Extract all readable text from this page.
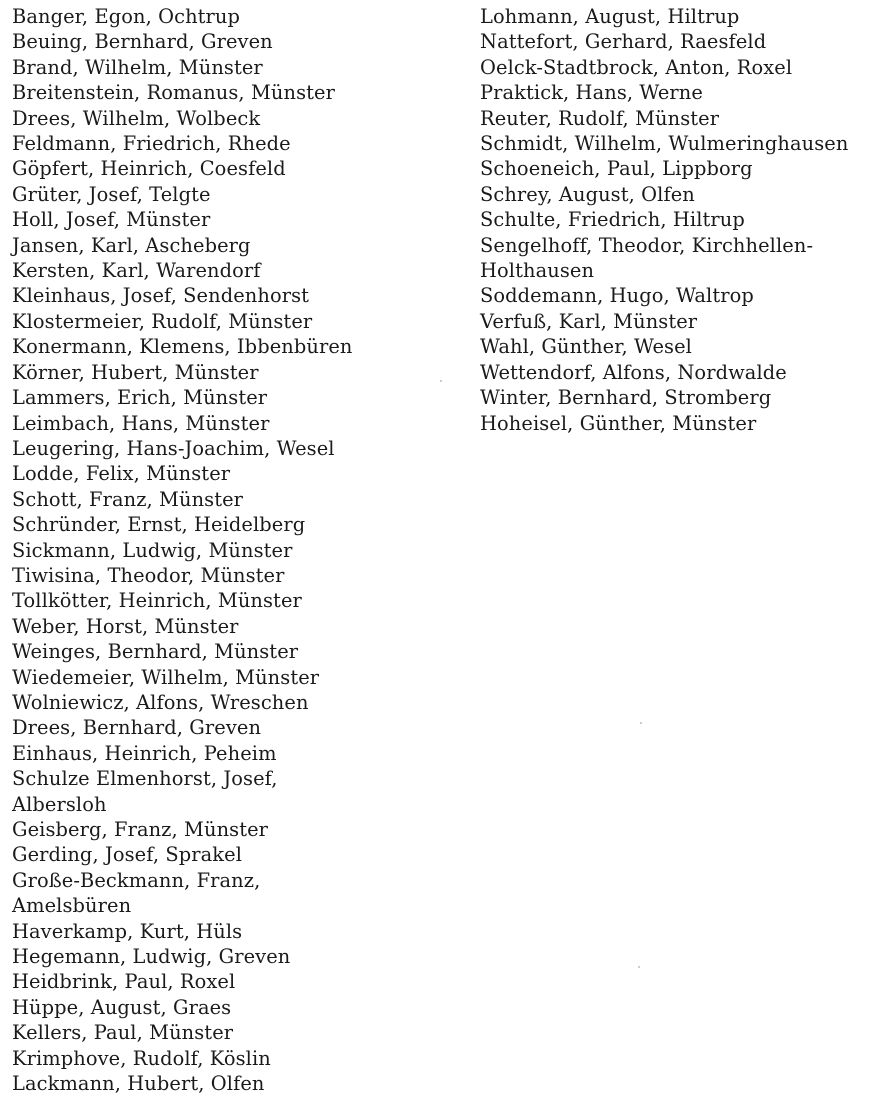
Banger, Egon, Ochtrup
Beuing, Bernhard, Greven
Brand, Wilhelm, Münster
Breitenstein, Romanus, Münster
Drees, Wilhelm, Wolbeck
Feldmann, Friedrich, Rhede
Göpfert, Heinrich, Coesfeld
Grüter, Josef, Telgte
Holl, Josef, Münster
Jansen, Karl, Ascheberg
Kersten, Karl, Warendorf
Kleinhaus, Josef, Sendenhorst
Klostermeier, Rudolf, Münster
Konermann, Klemens, Ibbenbüren
Körner, Hubert, Münster
Lammers, Erich, Münster
Leimbach, Hans, Münster
Leugering, Hans-Joachim, Wesel
Lodde, Felix, Münster
Schott, Franz, Münster
Schründer, Ernst, Heidelberg
Sickmann, Ludwig, Münster
Tiwisina, Theodor, Münster
Tollkötter, Heinrich, Münster
Weber, Horst, Münster
Weinges, Bernhard, Münster
Wiedemeier, Wilhelm, Münster
Wolniewicz, Alfons, Wreschen
Drees, Bernhard, Greven
Einhaus, Heinrich, Peheim
Schulze Elmenhorst, Josef,
Albersloh
Geisberg, Franz, Münster
Gerding, Josef, Sprakel
Große-Beckmann, Franz,
Amelsbüren
Haverkamp, Kurt, Hüls
Hegemann, Ludwig, Greven
Heidbrink, Paul, Roxel
Hüppe, August, Graes
Kellers, Paul, Münster
Krimphove, Rudolf, Köslin
Lackmann, Hubert, Olfen
Lohmann, August, Hiltrup
Nattefort, Gerhard, Raesfeld
Oelck-Stadtbrock, Anton, Roxel
Praktick, Hans, Werne
Reuter, Rudolf, Münster
Schmidt, Wilhelm, Wulmeringhausen
Schoeneich, Paul, Lippborg
Schrey, August, Olfen
Schulte, Friedrich, Hiltrup
Sengelhoff, Theodor, Kirchhellen-
Holthausen
Soddemann, Hugo, Waltrop
Verfuß, Karl, Münster
Wahl, Günther, Wesel
Wettendorf, Alfons, Nordwalde
Winter, Bernhard, Stromberg
Hoheisel, Günther, Münster
